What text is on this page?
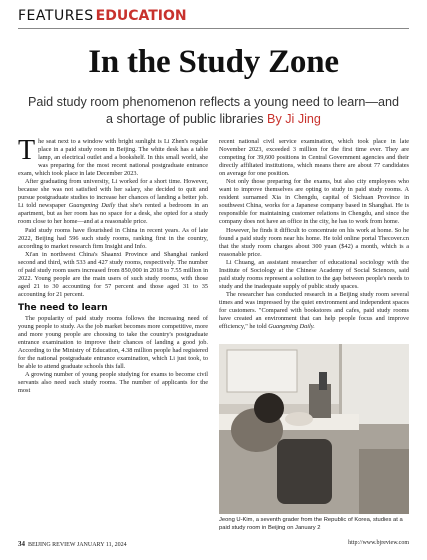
FEATURES EDUCATION
In the Study Zone
Paid study room phenomenon reflects a young need to learn—and a shortage of public libraries By Ji Jing

The seat next to a window with bright sunlight is Li Zhen's regular place in a paid study room in Beijing. The white desk has a table lamp, an electrical outlet and a bookshelf. In this small world, she was preparing for the most recent national postgraduate entrance exam, which took place in late December 2023.

After graduating from university, Li worked for a short time. However, because she was not satisfied with her salary, she decided to quit and pursue postgraduate studies to increase her chances of landing a better job. Li told newspaper Guangming Daily that she's rented a bedroom in an apartment, but as her room has no space for a desk, she opted for a study room close to her home—and at a reasonable price.

Paid study rooms have flourished in China in recent years. As of late 2022, Beijing had 596 such study rooms, ranking first in the country, according to market research firm Insight and Info.

Xi'an in northwest China's Shaanxi Province and Shanghai ranked second and third, with 533 and 427 study rooms, respectively. The number of paid study room users increased from 850,000 in 2018 to 7.55 million in 2022. Young people are the main users of such study rooms, with those aged 21 to 30 accounting for 57 percent and those aged 31 to 35 accounting for 21 percent.

The need to learn

The popularity of paid study rooms follows the increasing need of young people to study. As the job market becomes more competitive, more and more young people are choosing to take the country's postgraduate entrance examination to improve their chances of landing a good job. According to the Ministry of Education, 4.38 million people had registered for the national postgraduate entrance examination, which Li just took, to be able to attend graduate schools this fall.

A growing number of young people studying for exams to become civil servants also need such study rooms. The number of applicants for the most

recent national civil service examination, which took place in late November 2023, exceeded 3 million for the first time ever. They are competing for 39,600 positions in Central Government agencies and their directly affiliated institutions, which means there are about 77 candidates on average for one position.

Not only those preparing for the exams, but also city employees who want to improve themselves are opting to study in paid study rooms. A resident surnamed Xia in Chengdu, capital of Sichuan Province in southwest China, works for a Japanese company based in Shanghai. He is responsible for maintaining customer relations in Chengdu, and since the company does not have an office in the city, he has to work from home.

However, he finds it difficult to concentrate on his work at home. So he found a paid study room near his home. He told online portal Thecover.cn that the study room charges about 300 yuan ($42) a month, which is a reasonable price.

Li Chuang, an assistant researcher of educational sociology with the Institute of Sociology at the Chinese Academy of Social Sciences, said paid study rooms represent a solution to the gap between people's needs to study and the inadequate supply of public study spaces.

The researcher has conducted research in a Beijing study room several times and was impressed by the quiet environment and independent spaces for customers. "Compared with bookstores and cafes, paid study rooms have created an environment that can help people focus and improve efficiency," he told Guangming Daily.

Jeong U-Kim, a seventh grader from the Republic of Korea, studies at a paid study room in Beijing on January 2
34 BEIJING REVIEW JANUARY 11, 2024	http://www.bjreview.com
